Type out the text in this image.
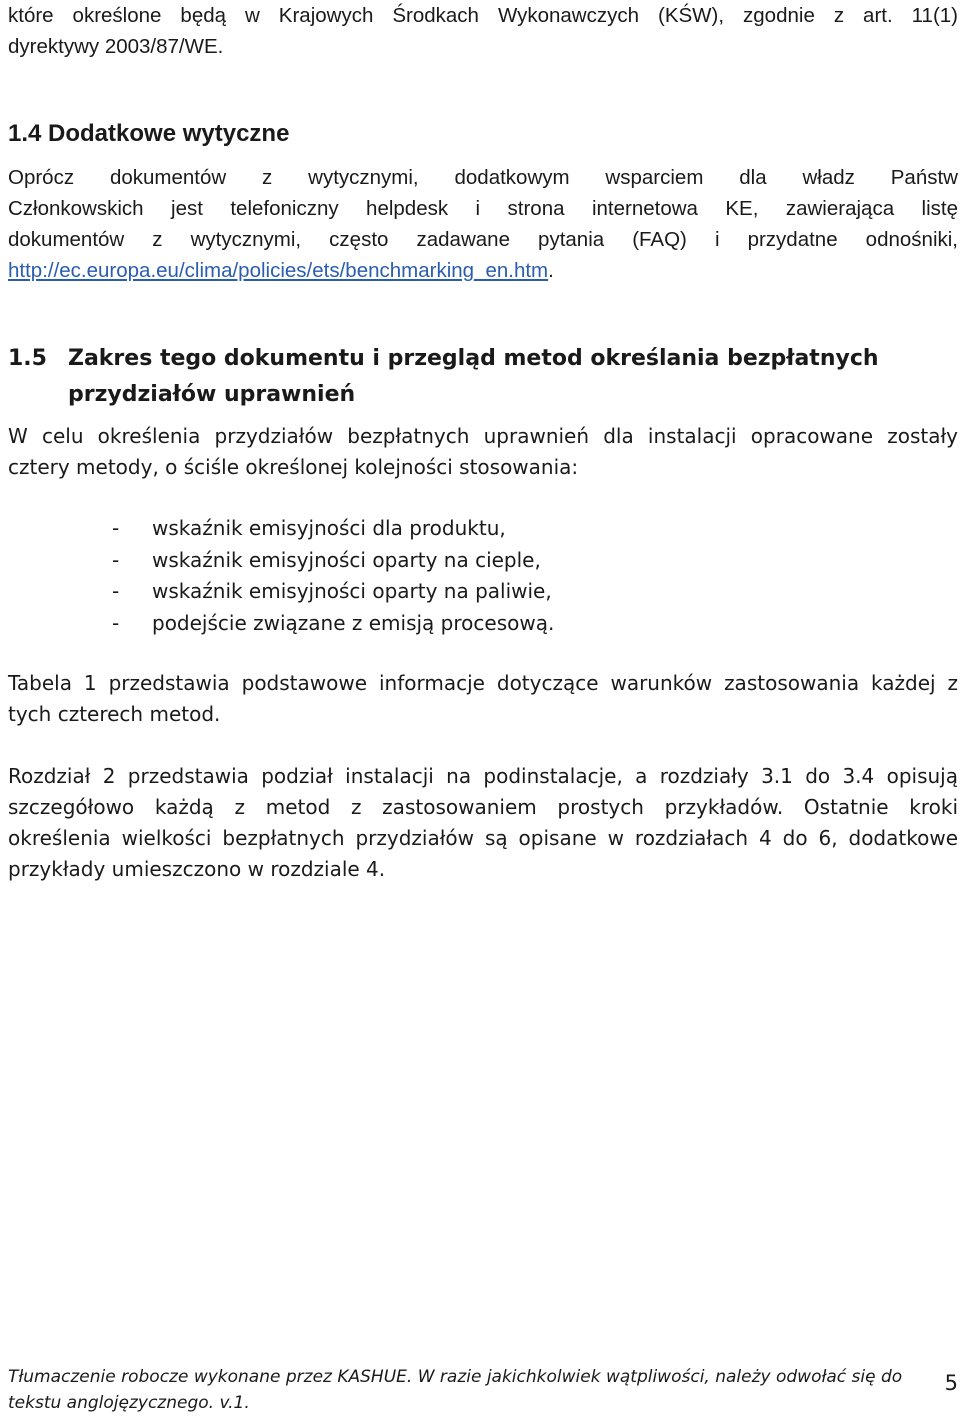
które określone będą w Krajowych Środkach Wykonawczych (KŚW), zgodnie z art. 11(1)
dyrektywy 2003/87/WE.

1.4 Dodatkowe wytyczne

Oprócz dokumentów z wytycznymi, dodatkowym wsparciem dla władz Państw
Członkowskich jest telefoniczny helpdesk i strona internetowa KE, zawierająca listę
dokumentów z wytycznymi, często zadawane pytania (FAQ) i przydatne odnośniki,
http://ec.europa.eu/clima/policies/ets/benchmarking_en.htm.

1.5 Zakres tego dokumentu i przegląd metod określania bezpłatnych
przydziałów uprawnień

W celu określenia przydziałów bezpłatnych uprawnień dla instalacji opracowane zostały
cztery metody, o ściśle określonej kolejności stosowania:

- wskaźnik emisyjności dla produktu,
- wskaźnik emisyjności oparty na cieple,
- wskaźnik emisyjności oparty na paliwie,
- podejście związane z emisją procesową.

Tabela 1 przedstawia podstawowe informacje dotyczące warunków zastosowania każdej z
tych czterech metod.

Rozdział 2 przedstawia podział instalacji na podinstalacje, a rozdziały 3.1 do 3.4 opisują
szczegółowo każdą z metod z zastosowaniem prostych przykładów. Ostatnie kroki
określenia wielkości bezpłatnych przydziałów są opisane w rozdziałach 4 do 6, dodatkowe
przykłady umieszczono w rozdziale 4.

Tłumaczenie robocze wykonane przez KASHUE. W razie jakichkolwiek wątpliwości, należy odwołać się do
tekstu anglojęzycznego. v.1.
5
